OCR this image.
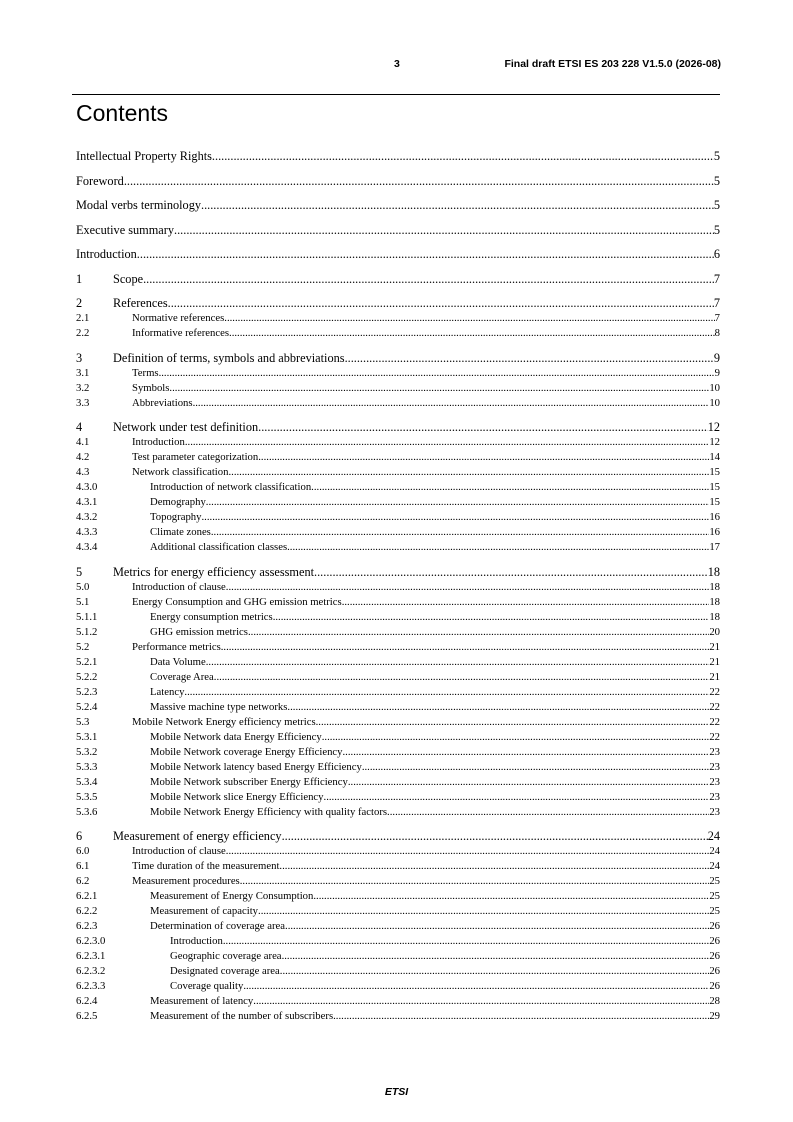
3	Final draft ETSI ES 203 228 V1.5.0 (2026-08)
Contents
Intellectual Property Rights .....	5
Foreword .....	5
Modal verbs terminology .....	5
Executive summary .....	5
Introduction .....	6
1	Scope .....	7
2	References .....	7
2.1	Normative references .....	7
2.2	Informative references .....	8
3	Definition of terms, symbols and abbreviations .....	9
3.1	Terms .....	9
3.2	Symbols .....	10
3.3	Abbreviations .....	10
4	Network under test definition .....	12
4.1	Introduction .....	12
4.2	Test parameter categorization .....	14
4.3	Network classification .....	15
4.3.0	Introduction of network classification .....	15
4.3.1	Demography .....	15
4.3.2	Topography .....	16
4.3.3	Climate zones .....	16
4.3.4	Additional classification classes .....	17
5	Metrics for energy efficiency assessment .....	18
5.0	Introduction of clause .....	18
5.1	Energy Consumption and GHG emission metrics .....	18
5.1.1	Energy consumption metrics .....	18
5.1.2	GHG emission metrics .....	20
5.2	Performance metrics .....	21
5.2.1	Data Volume .....	21
5.2.2	Coverage Area .....	21
5.2.3	Latency .....	22
5.2.4	Massive machine type networks .....	22
5.3	Mobile Network Energy efficiency metrics .....	22
5.3.1	Mobile Network data Energy Efficiency .....	22
5.3.2	Mobile Network coverage Energy Efficiency .....	23
5.3.3	Mobile Network latency based Energy Efficiency .....	23
5.3.4	Mobile Network subscriber Energy Efficiency .....	23
5.3.5	Mobile Network slice Energy Efficiency .....	23
5.3.6	Mobile Network Energy Efficiency with quality factors .....	23
6	Measurement of energy efficiency .....	24
6.0	Introduction of clause .....	24
6.1	Time duration of the measurement .....	24
6.2	Measurement procedures .....	25
6.2.1	Measurement of Energy Consumption .....	25
6.2.2	Measurement of capacity .....	25
6.2.3	Determination of coverage area .....	26
6.2.3.0	Introduction .....	26
6.2.3.1	Geographic coverage area .....	26
6.2.3.2	Designated coverage area .....	26
6.2.3.3	Coverage quality .....	26
6.2.4	Measurement of latency .....	28
6.2.5	Measurement of the number of subscribers .....	29
ETSI
